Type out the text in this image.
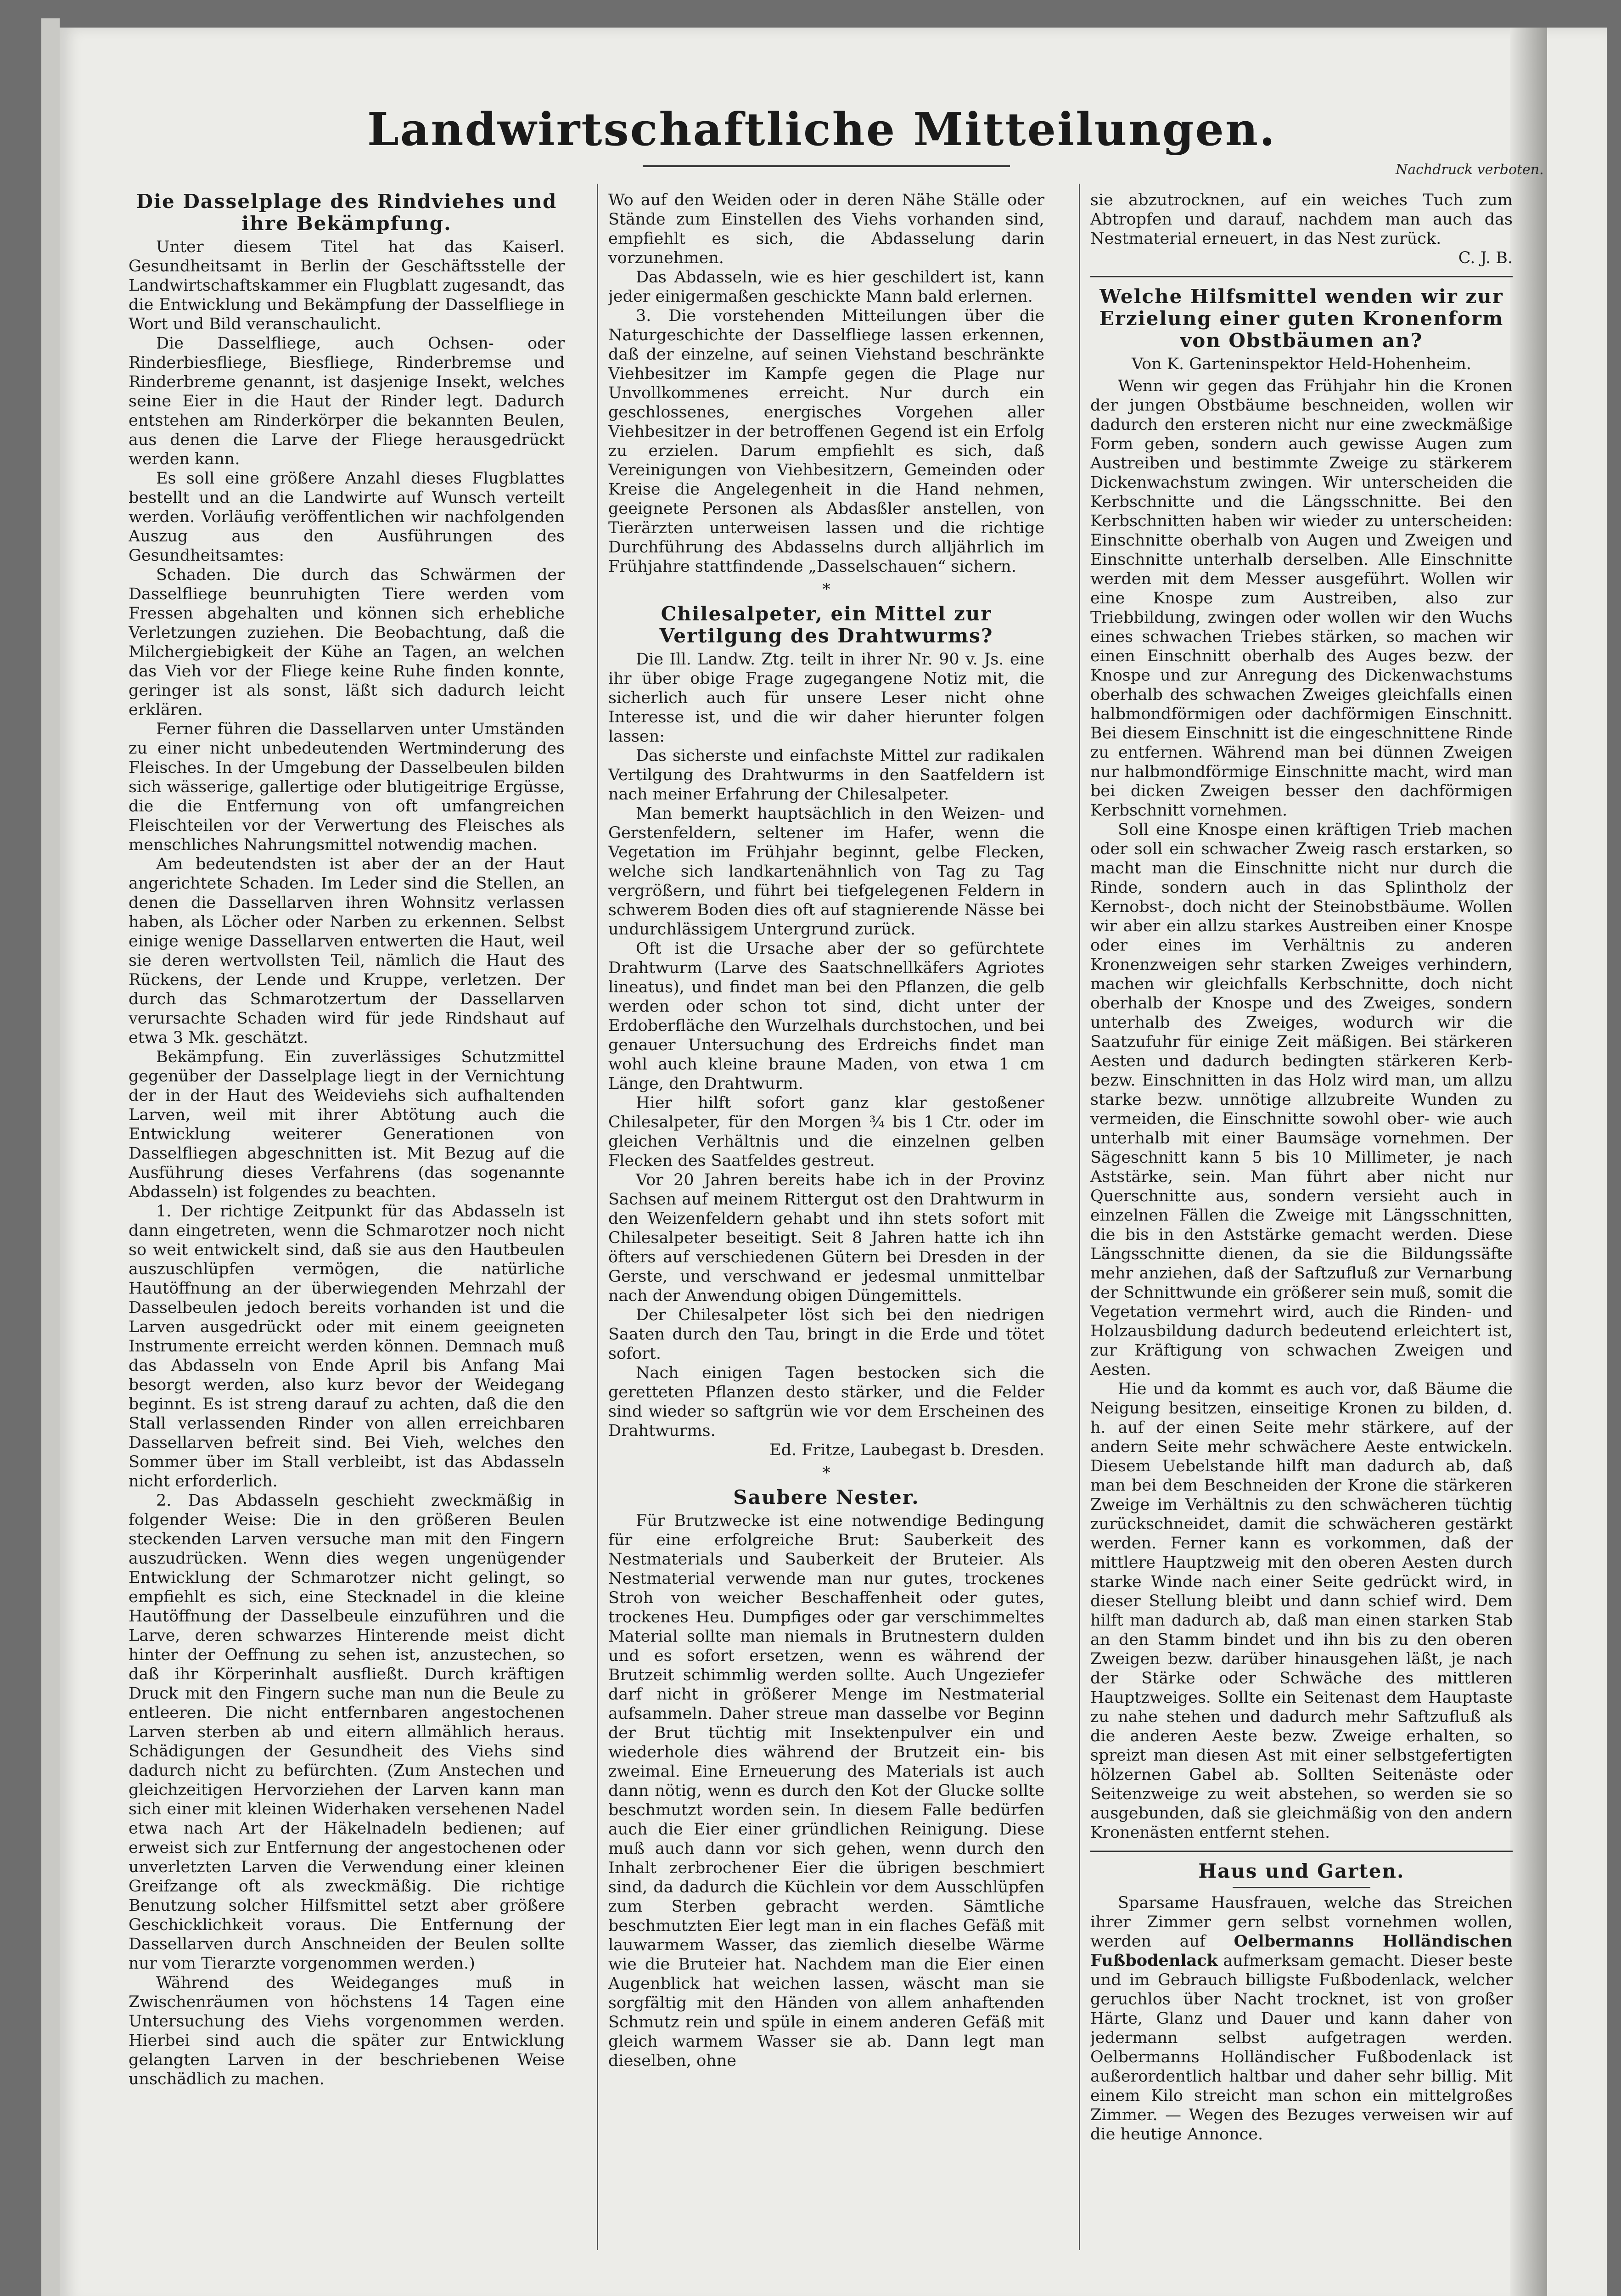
Landwirtschaftliche Mitteilungen.
Nachdruck verboten.
Die Dasselplage des Rindviehes und ihre Bekämpfung.

Unter diesem Titel hat das Kaiserl. Gesundheitsamt in Berlin der Geschäftsstelle der Landwirtschaftskammer ein Flugblatt zugesandt, das die Entwicklung und Bekämpfung der Dasselfliege in Wort und Bild veranschaulicht.

Die Dasselfliege, auch Ochsen- oder Rinderbiesfliege, Biesfliege, Rinderbremse und Rinderbreme genannt, ist dasjenige Insekt, welches seine Eier in die Haut der Rinder legt. Dadurch entstehen am Rinderkörper die bekannten Beulen, aus denen die Larve der Fliege herausgedrückt werden kann.

Es soll eine größere Anzahl dieses Flugblattes bestellt und an die Landwirte auf Wunsch verteilt werden. Vorläufig veröffentlichen wir nachfolgenden Auszug aus den Ausführungen des Gesundheitsamtes:

Schaden. Die durch das Schwärmen der Dasselfliege beunruhigten Tiere werden vom Fressen abgehalten und können sich erhebliche Verletzungen zuziehen. Die Beobachtung, daß die Milchergiebigkeit der Kühe an Tagen, an welchen das Vieh vor der Fliege keine Ruhe finden konnte, geringer ist als sonst, läßt sich dadurch leicht erklären.

Ferner führen die Dassellarven unter Umständen zu einer nicht unbedeutenden Wertminderung des Fleisches. In der Umgebung der Dasselbeulen bilden sich wässerige, gallertige oder blutigeitrige Ergüsse, die die Entfernung von oft umfangreichen Fleischteilen vor der Verwertung des Fleisches als menschliches Nahrungsmittel notwendig machen.

Am bedeutendsten ist aber der an der Haut angerichtete Schaden. Im Leder sind die Stellen, an denen die Dassellarven ihren Wohnsitz verlassen haben, als Löcher oder Narben zu erkennen. Selbst einige wenige Dassellarven entwerten die Haut, weil sie deren wertvollsten Teil, nämlich die Haut des Rückens, der Lende und Kruppe, verletzen. Der durch das Schmarotzertum der Dassellarven verursachte Schaden wird für jede Rindshaut auf etwa 3 Mk. geschätzt.

Bekämpfung. Ein zuverlässiges Schutzmittel gegenüber der Dasselplage liegt in der Vernichtung der in der Haut des Weideviehs sich aufhaltenden Larven, weil mit ihrer Abtötung auch die Entwicklung weiterer Generationen von Dasselfliegen abgeschnitten ist. Mit Bezug auf die Ausführung dieses Verfahrens (das sogenannte Abdasseln) ist folgendes zu beachten.

1. Der richtige Zeitpunkt für das Abdasseln ist dann eingetreten, wenn die Schmarotzer noch nicht so weit entwickelt sind, daß sie aus den Hautbeulen auszuschlüpfen vermögen, die natürliche Hautöffnung an der überwiegenden Mehrzahl der Dasselbeulen jedoch bereits vorhanden ist und die Larven ausgedrückt oder mit einem geeigneten Instrumente erreicht werden können. Demnach muß das Abdasseln von Ende April bis Anfang Mai besorgt werden, also kurz bevor der Weidegang beginnt. Es ist streng darauf zu achten, daß die den Stall verlassenden Rinder von allen erreichbaren Dassellarven befreit sind. Bei Vieh, welches den Sommer über im Stall verbleibt, ist das Abdasseln nicht erforderlich.

2. Das Abdasseln geschieht zweckmäßig in folgender Weise: Die in den größeren Beulen steckenden Larven versuche man mit den Fingern auszudrücken. Wenn dies wegen ungenügender Entwicklung der Schmarotzer nicht gelingt, so empfiehlt es sich, eine Stecknadel in die kleine Hautöffnung der Dasselbeule einzuführen und die Larve, deren schwarzes Hinterende meist dicht hinter der Oeffnung zu sehen ist, anzustechen, so daß ihr Körperinhalt ausfließt. Durch kräftigen Druck mit den Fingern suche man nun die Beule zu entleeren. Die nicht entfernbaren angestochenen Larven sterben ab und eitern allmählich heraus. Schädigungen der Gesundheit des Viehs sind dadurch nicht zu befürchten. (Zum Anstechen und gleichzeitigen Hervorziehen der Larven kann man sich einer mit kleinen Widerhaken versehenen Nadel etwa nach Art der Häkelnadeln bedienen; auf erweist sich zur Entfernung der angestochenen oder unverletzten Larven die Verwendung einer kleinen Greifzange oft als zweckmäßig. Die richtige Benutzung solcher Hilfsmittel setzt aber größere Geschicklichkeit voraus. Die Entfernung der Dassellarven durch Anschneiden der Beulen sollte nur vom Tierarzte vorgenommen werden.)

Während des Weideganges muß in Zwischenräumen von höchstens 14 Tagen eine Untersuchung des Viehs vorgenommen werden. Hierbei sind auch die später zur Entwicklung gelangten Larven in der beschriebenen Weise unschädlich zu machen.

Wo auf den Weiden oder in deren Nähe Ställe oder Stände zum Einstellen des Viehs vorhanden sind, empfiehlt es sich, die Abdasselung darin vorzunehmen.

Das Abdasseln, wie es hier geschildert ist, kann jeder einigermaßen geschickte Mann bald erlernen.

3. Die vorstehenden Mitteilungen über die Naturgeschichte der Dasselfliege lassen erkennen, daß der einzelne, auf seinen Viehstand beschränkte Viehbesitzer im Kampfe gegen die Plage nur Unvollkommenes erreicht. Nur durch ein geschlossenes, energisches Vorgehen aller Viehbesitzer in der betroffenen Gegend ist ein Erfolg zu erzielen. Darum empfiehlt es sich, daß Vereinigungen von Viehbesitzern, Gemeinden oder Kreise die Angelegenheit in die Hand nehmen, geeignete Personen als Abdasßler anstellen, von Tierärzten unterweisen lassen und die richtige Durchführung des Abdasselns durch alljährlich im Frühjahre stattfindende „Dasselschauen“ sichern.

*

Chilesalpeter, ein Mittel zur Vertilgung des Drahtwurms?

Die Ill. Landw. Ztg. teilt in ihrer Nr. 90 v. Js. eine ihr über obige Frage zugegangene Notiz mit, die sicherlich auch für unsere Leser nicht ohne Interesse ist, und die wir daher hierunter folgen lassen:

Das sicherste und einfachste Mittel zur radikalen Vertilgung des Drahtwurms in den Saatfeldern ist nach meiner Erfahrung der Chilesalpeter.

Man bemerkt hauptsächlich in den Weizen- und Gerstenfeldern, seltener im Hafer, wenn die Vegetation im Frühjahr beginnt, gelbe Flecken, welche sich landkartenähnlich von Tag zu Tag vergrößern, und führt bei tiefgelegenen Feldern in schwerem Boden dies oft auf stagnierende Nässe bei undurchlässigem Untergrund zurück.

Oft ist die Ursache aber der so gefürchtete Drahtwurm (Larve des Saatschnellkäfers Agriotes lineatus), und findet man bei den Pflanzen, die gelb werden oder schon tot sind, dicht unter der Erdoberfläche den Wurzelhals durchstochen, und bei genauer Untersuchung des Erdreichs findet man wohl auch kleine braune Maden, von etwa 1 cm Länge, den Drahtwurm.

Hier hilft sofort ganz klar gestoßener Chilesalpeter, für den Morgen ¾ bis 1 Ctr. oder im gleichen Verhältnis und die einzelnen gelben Flecken des Saatfeldes gestreut.

Vor 20 Jahren bereits habe ich in der Provinz Sachsen auf meinem Rittergut ost den Drahtwurm in den Weizenfeldern gehabt und ihn stets sofort mit Chilesalpeter beseitigt. Seit 8 Jahren hatte ich ihn öfters auf verschiedenen Gütern bei Dresden in der Gerste, und verschwand er jedesmal unmittelbar nach der Anwendung obigen Düngemittels.

Der Chilesalpeter löst sich bei den niedrigen Saaten durch den Tau, bringt in die Erde und tötet sofort.

Nach einigen Tagen bestocken sich die geretteten Pflanzen desto stärker, und die Felder sind wieder so saftgrün wie vor dem Erscheinen des Drahtwurms.

Ed. Fritze, Laubegast b. Dresden.

*

Saubere Nester.

Für Brutzwecke ist eine notwendige Bedingung für eine erfolgreiche Brut: Sauberkeit des Nestmaterials und Sauberkeit der Bruteier. Als Nestmaterial verwende man nur gutes, trockenes Stroh von weicher Beschaffenheit oder gutes, trockenes Heu. Dumpfiges oder gar verschimmeltes Material sollte man niemals in Brutnestern dulden und es sofort ersetzen, wenn es während der Brutzeit schimmlig werden sollte. Auch Ungeziefer darf nicht in größerer Menge im Nestmaterial aufsammeln. Daher streue man dasselbe vor Beginn der Brut tüchtig mit Insektenpulver ein und wiederhole dies während der Brutzeit ein- bis zweimal. Eine Erneuerung des Materials ist auch dann nötig, wenn es durch den Kot der Glucke sollte beschmutzt worden sein. In diesem Falle bedürfen auch die Eier einer gründlichen Reinigung. Diese muß auch dann vor sich gehen, wenn durch den Inhalt zerbrochener Eier die übrigen beschmiert sind, da dadurch die Küchlein vor dem Ausschlüpfen zum Sterben gebracht werden. Sämtliche beschmutzten Eier legt man in ein flaches Gefäß mit lauwarmem Wasser, das ziemlich dieselbe Wärme wie die Bruteier hat. Nachdem man die Eier einen Augenblick hat weichen lassen, wäscht man sie sorgfältig mit den Händen von allem anhaftenden Schmutz rein und spüle in einem anderen Gefäß mit gleich warmem Wasser sie ab. Dann legt man dieselben, ohne

sie abzutrocknen, auf ein weiches Tuch zum Abtropfen und darauf, nachdem man auch das Nestmaterial erneuert, in das Nest zurück.

C. J. B.

Welche Hilfsmittel wenden wir zur Erzielung einer guten Kronenform von Obstbäumen an?

Von K. Garteninspektor Held-Hohenheim.

Wenn wir gegen das Frühjahr hin die Kronen der jungen Obstbäume beschneiden, wollen wir dadurch den ersteren nicht nur eine zweckmäßige Form geben, sondern auch gewisse Augen zum Austreiben und bestimmte Zweige zu stärkerem Dickenwachstum zwingen. Wir unterscheiden die Kerbschnitte und die Längsschnitte. Bei den Kerbschnitten haben wir wieder zu unterscheiden: Einschnitte oberhalb von Augen und Zweigen und Einschnitte unterhalb derselben. Alle Einschnitte werden mit dem Messer ausgeführt. Wollen wir eine Knospe zum Austreiben, also zur Triebbildung, zwingen oder wollen wir den Wuchs eines schwachen Triebes stärken, so machen wir einen Einschnitt oberhalb des Auges bezw. der Knospe und zur Anregung des Dickenwachstums oberhalb des schwachen Zweiges gleichfalls einen halbmondförmigen oder dachförmigen Einschnitt. Bei diesem Einschnitt ist die eingeschnittene Rinde zu entfernen. Während man bei dünnen Zweigen nur halbmondförmige Einschnitte macht, wird man bei dicken Zweigen besser den dachförmigen Kerbschnitt vornehmen.

Soll eine Knospe einen kräftigen Trieb machen oder soll ein schwacher Zweig rasch erstarken, so macht man die Einschnitte nicht nur durch die Rinde, sondern auch in das Splintholz der Kernobst-, doch nicht der Steinobstbäume. Wollen wir aber ein allzu starkes Austreiben einer Knospe oder eines im Verhältnis zu anderen Kronenzweigen sehr starken Zweiges verhindern, machen wir gleichfalls Kerbschnitte, doch nicht oberhalb der Knospe und des Zweiges, sondern unterhalb des Zweiges, wodurch wir die Saatzufuhr für einige Zeit mäßigen. Bei stärkeren Aesten und dadurch bedingten stärkeren Kerb- bezw. Einschnitten in das Holz wird man, um allzu starke bezw. unnötige allzubreite Wunden zu vermeiden, die Einschnitte sowohl ober- wie auch unterhalb mit einer Baumsäge vornehmen. Der Sägeschnitt kann 5 bis 10 Millimeter, je nach Aststärke, sein. Man führt aber nicht nur Querschnitte aus, sondern versieht auch in einzelnen Fällen die Zweige mit Längsschnitten, die bis in den Aststärke gemacht werden. Diese Längsschnitte dienen, da sie die Bildungssäfte mehr anziehen, daß der Saftzufluß zur Vernarbung der Schnittwunde ein größerer sein muß, somit die Vegetation vermehrt wird, auch die Rinden- und Holzausbildung dadurch bedeutend erleichtert ist, zur Kräftigung von schwachen Zweigen und Aesten.

Hie und da kommt es auch vor, daß Bäume die Neigung besitzen, einseitige Kronen zu bilden, d. h. auf der einen Seite mehr stärkere, auf der andern Seite mehr schwächere Aeste entwickeln. Diesem Uebelstande hilft man dadurch ab, daß man bei dem Beschneiden der Krone die stärkeren Zweige im Verhältnis zu den schwächeren tüchtig zurückschneidet, damit die schwächeren gestärkt werden. Ferner kann es vorkommen, daß der mittlere Hauptzweig mit den oberen Aesten durch starke Winde nach einer Seite gedrückt wird, in dieser Stellung bleibt und dann schief wird. Dem hilft man dadurch ab, daß man einen starken Stab an den Stamm bindet und ihn bis zu den oberen Zweigen bezw. darüber hinausgehen läßt, je nach der Stärke oder Schwäche des mittleren Hauptzweiges. Sollte ein Seitenast dem Hauptaste zu nahe stehen und dadurch mehr Saftzufluß als die anderen Aeste bezw. Zweige erhalten, so spreizt man diesen Ast mit einer selbstgefertigten hölzernen Gabel ab. Sollten Seitenäste oder Seitenzweige zu weit abstehen, so werden sie so ausgebunden, daß sie gleichmäßig von den andern Kronenästen entfernt stehen.

Haus und Garten.

Sparsame Hausfrauen, welche das Streichen ihrer Zimmer gern selbst vornehmen wollen, werden auf Oelbermanns Holländischen Fußbodenlack aufmerksam gemacht. Dieser beste und im Gebrauch billigste Fußbodenlack, welcher geruchlos über Nacht trocknet, ist von großer Härte, Glanz und Dauer und kann daher von jedermann selbst aufgetragen werden. Oelbermanns Holländischer Fußbodenlack ist außerordentlich haltbar und daher sehr billig. Mit einem Kilo streicht man schon ein mittelgroßes Zimmer. — Wegen des Bezuges verweisen wir auf die heutige Annonce.
